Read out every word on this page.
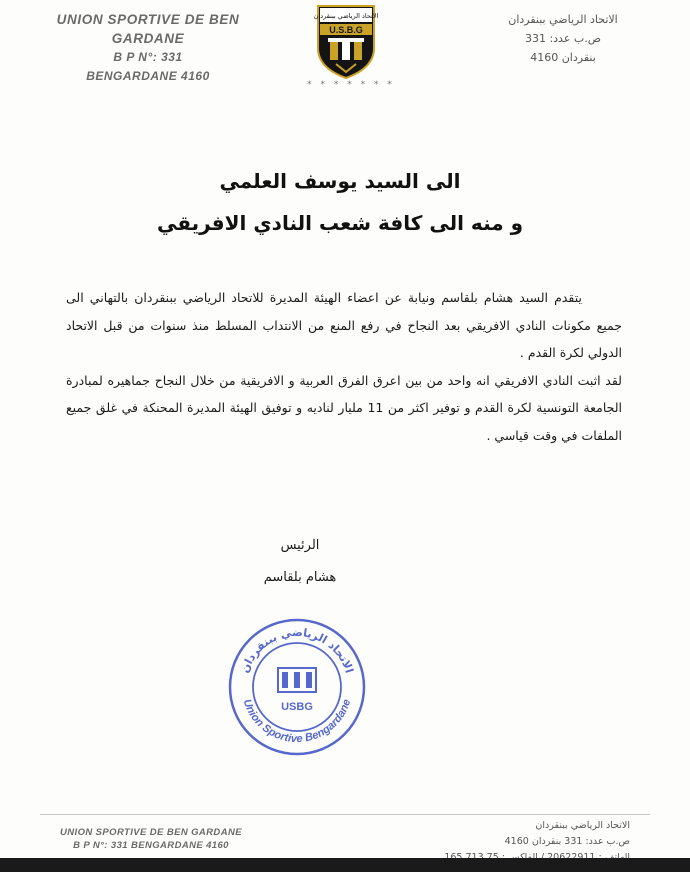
UNION SPORTIVE DE BEN GARDANE
B P N°: 331
BENGARDANE 4160
الاتحاد الرياضي ببنقردان
U.S.B.G
* * * * * * *
الاتحاد الرياضي ببنقردان
ص.ب عدد: 331
بنقردان 4160
الى السيد يوسف العلمي
و منه الى كافة شعب النادي الافريقي

يتقدم السيد هشام بلقاسم ونيابة عن اعضاء الهيئة المديرة للاتحاد الرياضي ببنقردان بالتهاني الى جميع مكونات النادي الافريقي بعد النجاح في رفع المنع من الانتداب المسلط منذ سنوات من قبل الاتحاد الدولي لكرة القدم .

لقد اثبت النادي الافريقي انه واحد من بين اعرق الفرق العربية و الافريقية من خلال النجاح جماهيره لمبادرة الجامعة التونسية لكرة القدم و توفير اكثر من 11 مليار لناديه و توفيق الهيئة المديرة المحنكة في غلق جميع الملفات في وقت قياسي .

الرئيس
هشام بلقاسم
الاتحاد الرياضي ببنقردان
Union Sportive Bengardane
USBG
UNION SPORTIVE DE BEN GARDANE
B P N°: 331 BENGARDANE 4160
الاتحاد الرياضي ببنقردان
ص.ب عدد: 331 بنقردان 4160
